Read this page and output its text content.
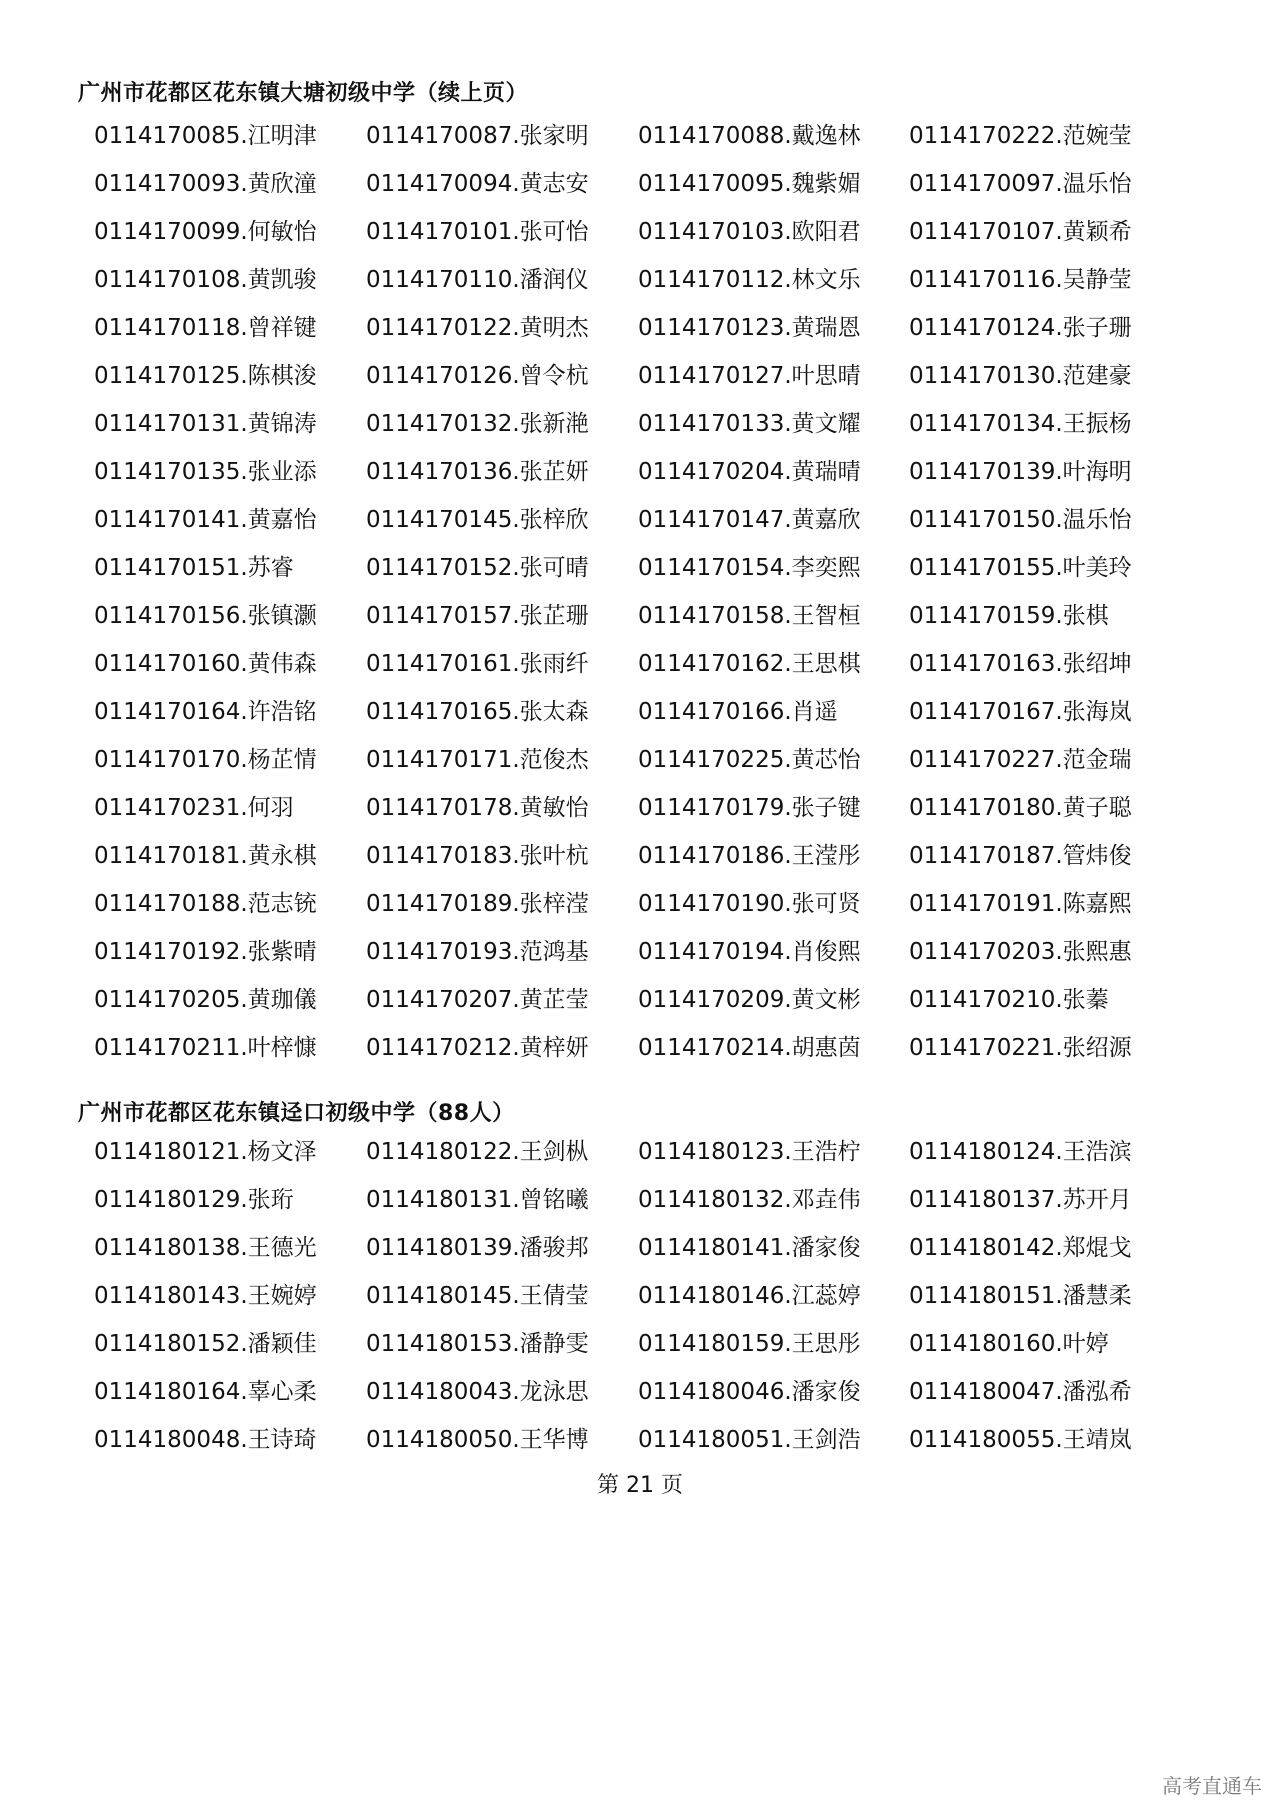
广州市花都区花东镇大塘初级中学（续上页）
0114170085.江明津 0114170087.张家明 0114170088.戴逸林 0114170222.范婉莹
0114170093.黄欣潼 0114170094.黄志安 0114170095.魏紫媚 0114170097.温乐怡
0114170099.何敏怡 0114170101.张可怡 0114170103.欧阳君 0114170107.黄颖希
0114170108.黄凯骏 0114170110.潘润仪 0114170112.林文乐 0114170116.吴静莹
0114170118.曾祥键 0114170122.黄明杰 0114170123.黄瑞恩 0114170124.张子珊
0114170125.陈棋浚 0114170126.曾令杭 0114170127.叶思晴 0114170130.范建豪
0114170131.黄锦涛 0114170132.张新滟 0114170133.黄文耀 0114170134.王振杨
0114170135.张业添 0114170136.张芷妍 0114170204.黄瑞晴 0114170139.叶海明
0114170141.黄嘉怡 0114170145.张梓欣 0114170147.黄嘉欣 0114170150.温乐怡
0114170151.苏睿	0114170152.张可晴 0114170154.李奕熙 0114170155.叶美玲
0114170156.张镇灏 0114170157.张芷珊 0114170158.王智桓 0114170159.张棋
0114170160.黄伟森 0114170161.张雨纤 0114170162.王思棋 0114170163.张绍坤
0114170164.许浩铭 0114170165.张太森 0114170166.肖遥	0114170167.张海岚
0114170170.杨芷情 0114170171.范俊杰 0114170225.黄芯怡 0114170227.范金瑞
0114170231.何羽	0114170178.黄敏怡 0114170179.张子键 0114170180.黄子聪
0114170181.黄永棋 0114170183.张叶杭 0114170186.王滢彤 0114170187.管炜俊
0114170188.范志铳 0114170189.张梓滢 0114170190.张可贤 0114170191.陈嘉熙
0114170192.张紫晴 0114170193.范鸿基 0114170194.肖俊熙 0114170203.张熙惠
0114170205.黄珈儀 0114170207.黄芷莹 0114170209.黄文彬 0114170210.张蓁
0114170211.叶梓慷 0114170212.黄梓妍 0114170214.胡惠茵 0114170221.张绍源
广州市花都区花东镇迳口初级中学（88人）
0114180121.杨文泽 0114180122.王剑枞 0114180123.王浩柠 0114180124.王浩滨
0114180129.张珩	0114180131.曾铭曦 0114180132.邓垚伟 0114180137.苏开月
0114180138.王德光 0114180139.潘骏邦 0114180141.潘家俊 0114180142.郑焜戈
0114180143.王婉婷 0114180145.王倩莹 0114180146.江蕊婷 0114180151.潘慧柔
0114180152.潘颖佳 0114180153.潘静雯 0114180159.王思彤 0114180160.叶婷
0114180164.辜心柔 0114180043.龙泳思 0114180046.潘家俊 0114180047.潘泓希
0114180048.王诗琦 0114180050.王华博 0114180051.王剑浩 0114180055.王靖岚
第 21 页
高考直通车
